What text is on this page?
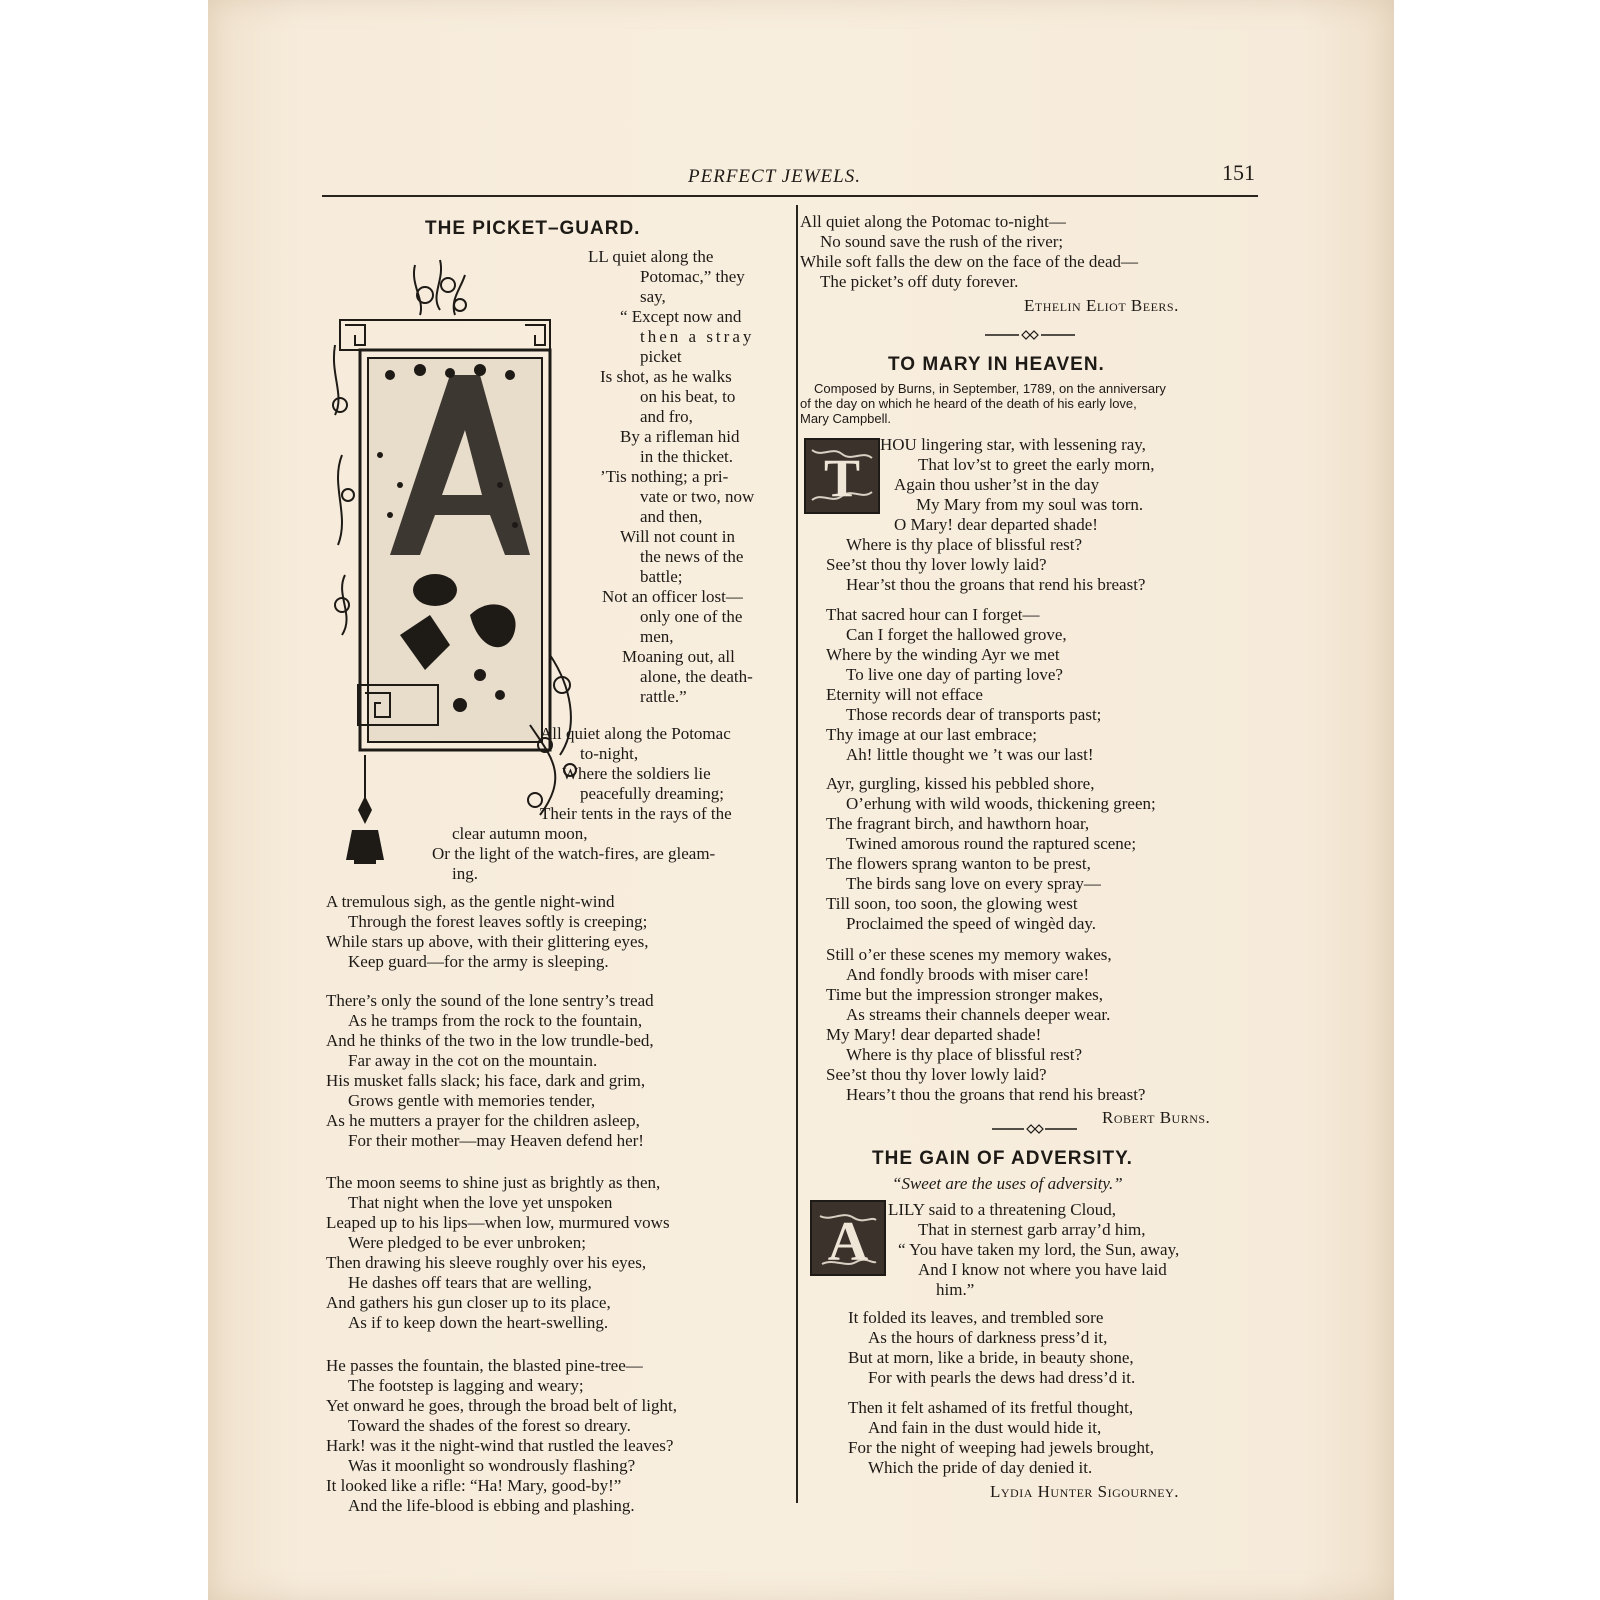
PERFECT JEWELS.	151
THE PICKET–GUARD.
LL quiet along the
Potomac,” they
say,
“ Except now and
then a stray
picket
Is shot, as he walks
on his beat, to
and fro,
By a rifleman hid
in the thicket.
’Tis nothing; a pri-
vate or two, now
and then,
Will not count in
the news of the
battle;
Not an officer lost—
only one of the
men,
Moaning out, all
alone, the death-
rattle.”
All quiet along the Potomac
to-night,
Where the soldiers lie
peacefully dreaming;
Their tents in the rays of the
clear autumn moon,
Or the light of the watch-fires, are gleam-
ing.
A tremulous sigh, as the gentle night-wind
Through the forest leaves softly is creeping;
While stars up above, with their glittering eyes,
Keep guard—for the army is sleeping.
There’s only the sound of the lone sentry’s tread
As he tramps from the rock to the fountain,
And he thinks of the two in the low trundle-bed,
Far away in the cot on the mountain.
His musket falls slack; his face, dark and grim,
Grows gentle with memories tender,
As he mutters a prayer for the children asleep,
For their mother—may Heaven defend her!
The moon seems to shine just as brightly as then,
That night when the love yet unspoken
Leaped up to his lips—when low, murmured vows
Were pledged to be ever unbroken;
Then drawing his sleeve roughly over his eyes,
He dashes off tears that are welling,
And gathers his gun closer up to its place,
As if to keep down the heart-swelling.
He passes the fountain, the blasted pine-tree—
The footstep is lagging and weary;
Yet onward he goes, through the broad belt of light,
Toward the shades of the forest so dreary.
Hark! was it the night-wind that rustled the leaves?
Was it moonlight so wondrously flashing?
It looked like a rifle: “Ha! Mary, good-by!”
And the life-blood is ebbing and plashing.
All quiet along the Potomac to-night—
No sound save the rush of the river;
While soft falls the dew on the face of the dead—
The picket’s off duty forever.
Ethelin Eliot Beers.
TO MARY IN HEAVEN.
Composed by Burns, in September, 1789, on the anniversary
of the day on which he heard of the death of his early love,
Mary Campbell.
T
HOU lingering star, with lessening ray,
That lov’st to greet the early morn,
Again thou usher’st in the day
My Mary from my soul was torn.
O Mary! dear departed shade!
Where is thy place of blissful rest?
See’st thou thy lover lowly laid?
Hear’st thou the groans that rend his breast?
That sacred hour can I forget—
Can I forget the hallowed grove,
Where by the winding Ayr we met
To live one day of parting love?
Eternity will not efface
Those records dear of transports past;
Thy image at our last embrace;
Ah! little thought we ’t was our last!
Ayr, gurgling, kissed his pebbled shore,
O’erhung with wild woods, thickening green;
The fragrant birch, and hawthorn hoar,
Twined amorous round the raptured scene;
The flowers sprang wanton to be prest,
The birds sang love on every spray—
Till soon, too soon, the glowing west
Proclaimed the speed of wingèd day.
Still o’er these scenes my memory wakes,
And fondly broods with miser care!
Time but the impression stronger makes,
As streams their channels deeper wear.
My Mary! dear departed shade!
Where is thy place of blissful rest?
See’st thou thy lover lowly laid?
Hears’t thou the groans that rend his breast?
Robert Burns.
THE GAIN OF ADVERSITY.
“Sweet are the uses of adversity.”
A
LILY said to a threatening Cloud,
That in sternest garb array’d him,
“ You have taken my lord, the Sun, away,
And I know not where you have laid
him.”
It folded its leaves, and trembled sore
As the hours of darkness press’d it,
But at morn, like a bride, in beauty shone,
For with pearls the dews had dress’d it.
Then it felt ashamed of its fretful thought,
And fain in the dust would hide it,
For the night of weeping had jewels brought,
Which the pride of day denied it.
Lydia Hunter Sigourney.
